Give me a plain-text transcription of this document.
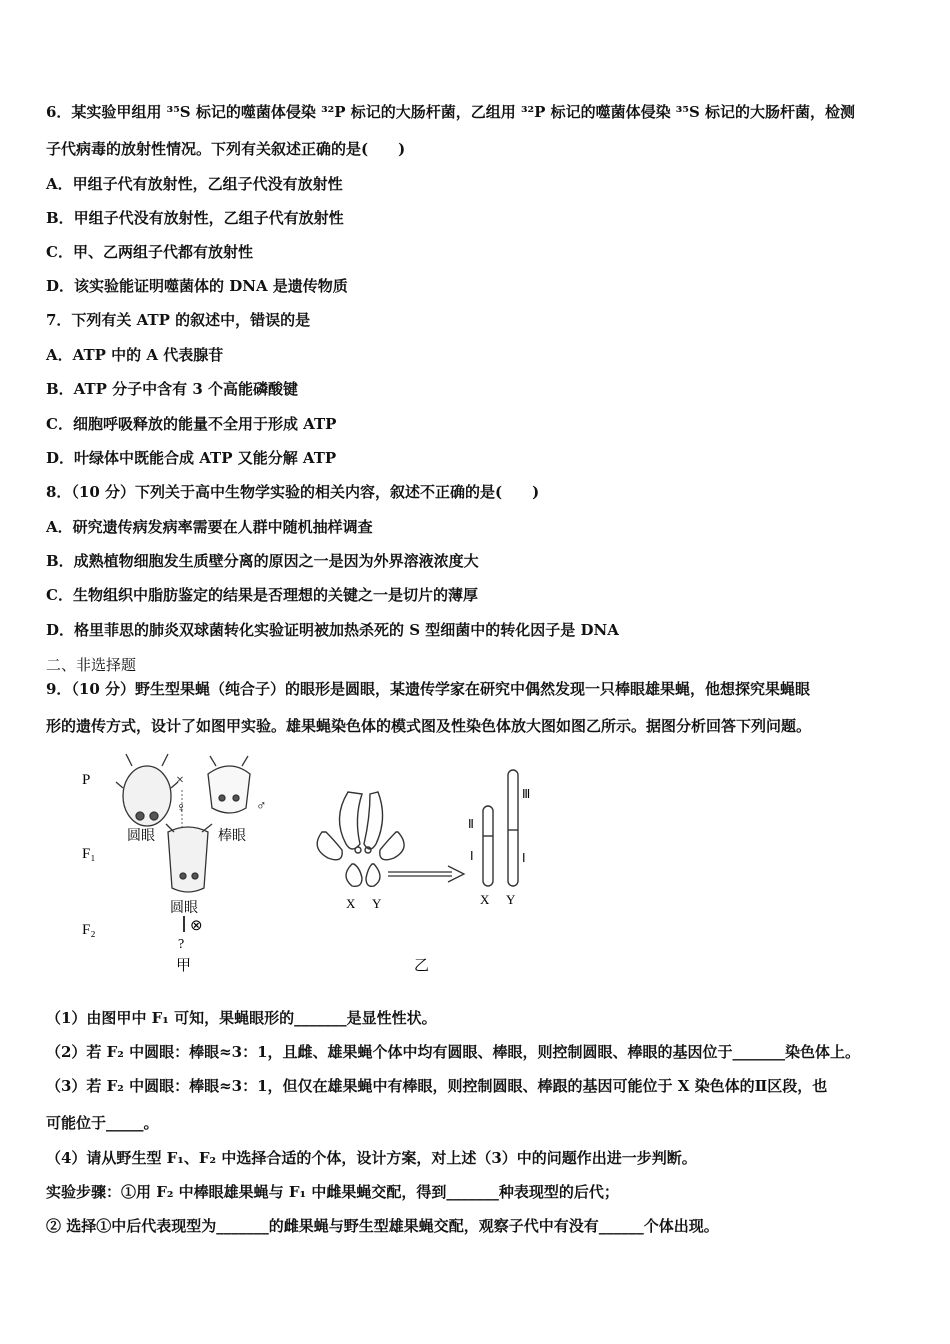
6．某实验甲组用 ³⁵S 标记的噬菌体侵染 ³²P 标记的大肠杆菌，乙组用 ³²P 标记的噬菌体侵染 ³⁵S 标记的大肠杆菌，检测
子代病毒的放射性情况。下列有关叙述正确的是(　　)
A．甲组子代有放射性，乙组子代没有放射性
B．甲组子代没有放射性，乙组子代有放射性
C．甲、乙两组子代都有放射性
D．该实验能证明噬菌体的 DNA 是遗传物质
7．下列有关 ATP 的叙述中，错误的是
A．ATP 中的 A 代表腺苷
B．ATP 分子中含有 3 个高能磷酸键
C．细胞呼吸释放的能量不全用于形成 ATP
D．叶绿体中既能合成 ATP 又能分解 ATP
8．（10 分）下列关于高中生物学实验的相关内容，叙述不正确的是(　　)
A．研究遗传病发病率需要在人群中随机抽样调查
B．成熟植物细胞发生质壁分离的原因之一是因为外界溶液浓度大
C．生物组织中脂肪鉴定的结果是否理想的关键之一是切片的薄厚
D．格里菲思的肺炎双球菌转化实验证明被加热杀死的 S 型细菌中的转化因子是 DNA
二、非选择题
9．（10 分）野生型果蝇（纯合子）的眼形是圆眼，某遗传学家在研究中偶然发现一只棒眼雄果蝇，他想探究果蝇眼
形的遗传方式，设计了如图甲实验。雄果蝇染色体的模式图及性染色体放大图如图乙所示。据图分析回答下列问题。
P
F₁
F₂
×
♀
圆眼
♂
棒眼
圆眼
⊗
?
甲
X Y
Ⅱ
Ⅰ
Ⅲ
Ⅰ
X Y
乙
（1）由图甲中 F₁ 可知，果蝇眼形的_______是显性性状。
（2）若 F₂ 中圆眼：棒眼≈3：1，且雌、雄果蝇个体中均有圆眼、棒眼，则控制圆眼、棒眼的基因位于_______染色体上。
（3）若 F₂ 中圆眼：棒眼≈3：1，但仅在雄果蝇中有棒眼，则控制圆眼、棒跟的基因可能位于 X 染色体的Ⅱ区段，也
可能位于_____。
（4）请从野生型 F₁、F₂ 中选择合适的个体，设计方案，对上述（3）中的问题作出进一步判断。
实验步骤：①用 F₂ 中棒眼雄果蝇与 F₁ 中雌果蝇交配，得到_______种表现型的后代；
② 选择①中后代表现型为_______的雌果蝇与野生型雄果蝇交配，观察子代中有没有______个体出现。
